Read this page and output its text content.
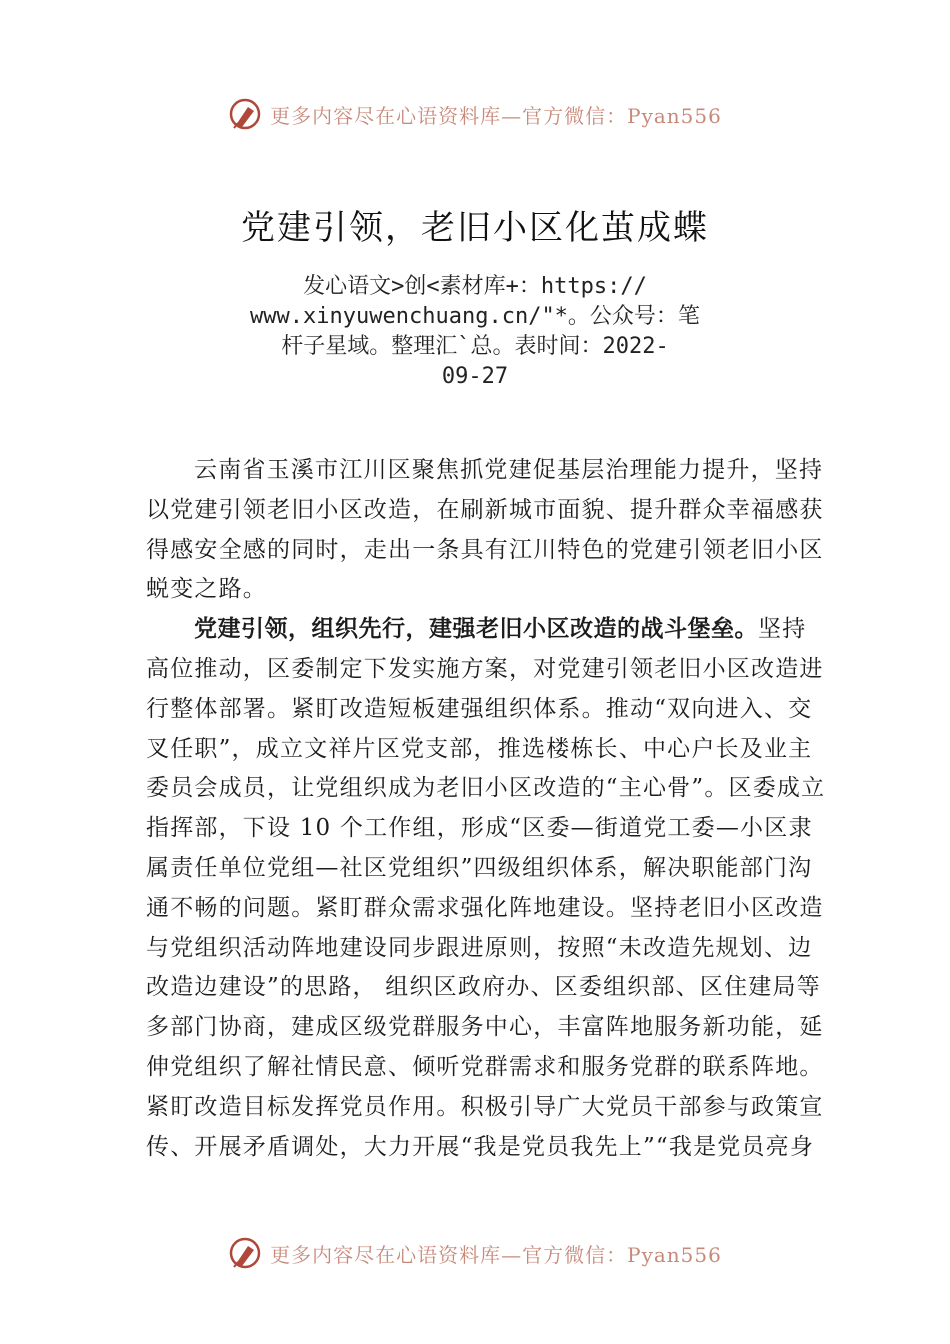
更多内容尽在心语资料库—官方微信：Pyan556
党建引领，老旧小区化茧成蝶
发心语文>创<素材库+：https://
www.xinyuwenchuang.cn/"*。公众号：笔
杆子星域。整理汇`总。表时间：2022-
09-27

云南省玉溪市江川区聚焦抓党建促基层治理能力提升，坚持以党建引领老旧小区改造，在刷新城市面貌、提升群众幸福感获得感安全感的同时，走出一条具有江川特色的党建引领老旧小区蜕变之路。

党建引领，组织先行，建强老旧小区改造的战斗堡垒。坚持高位推动，区委制定下发实施方案，对党建引领老旧小区改造进行整体部署。紧盯改造短板建强组织体系。推动“双向进入、交叉任职”，成立文祥片区党支部，推选楼栋长、中心户长及业主委员会成员，让党组织成为老旧小区改造的“主心骨”。区委成立指挥部，下设 10 个工作组，形成“区委—街道党工委—小区隶属责任单位党组—社区党组织”四级组织体系，解决职能部门沟通不畅的问题。紧盯群众需求强化阵地建设。坚持老旧小区改造与党组织活动阵地建设同步跟进原则，按照“未改造先规划、边改造边建设”的思路， 组织区政府办、区委组织部、区住建局等多部门协商，建成区级党群服务中心，丰富阵地服务新功能，延伸党组织了解社情民意、倾听党群需求和服务党群的联系阵地。紧盯改造目标发挥党员作用。积极引导广大党员干部参与政策宣传、开展矛盾调处，大力开展“我是党员我先上”“我是党员亮身

更多内容尽在心语资料库—官方微信：Pyan556
